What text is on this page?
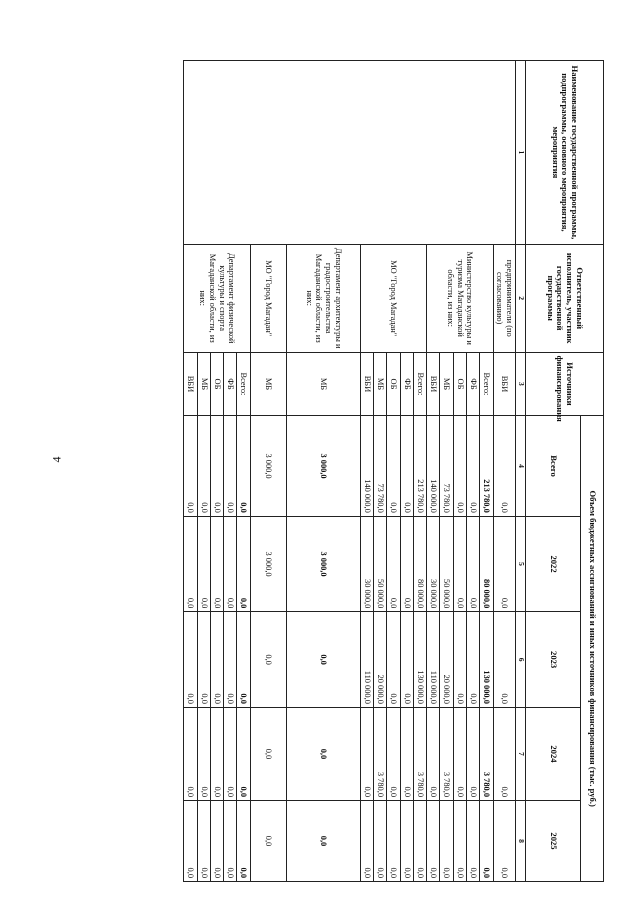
4
Наименование государственной программы, подпрограммы, основного мероприятия, мероприятия	Ответственный исполнитель, участник государственной программы	Источники финансирования	Объем бюджетных ассигнований и иных источников финансирования (тыс. руб.)				
			Всего	2022	2023	2024	2025
1	2	3	4	5	6	7	8
	предприниматели (по согласованию)	ВБИ	0,0	0,0	0,0	0,0	0,0
	Министерство культуры и туризма Магаданской области, из них:	Всего:	213 780,0	80 000,0	130 000,0	3 780,0	0,0
		ФБ	0,0	0,0	0,0	0,0	0,0
		ОБ	0,0	0,0	0,0	0,0	0,0
		МБ	73 780,0	50 000,0	20 000,0	3 780,0	0,0
		ВБИ	140 000,0	30 000,0	110 000,0	0,0	0,0
	МО "Город Магадан"	Всего:	213 780,0	80 000,0	130 000,0	3 780,0	0,0
		ФБ	0,0	0,0	0,0	0,0	0,0
		ОБ	0,0	0,0	0,0	0,0	0,0
		МБ	73 780,0	50 000,0	20 000,0	3 780,0	0,0
		ВБИ	140 000,0	30 000,0	110 000,0	0,0	0,0
	Департамент архитектуры и градостроительства Магаданской области, из них:	МБ	3 000,0	3 000,0	0,0	0,0	0,0
	МО "Город Магадан"	МБ	3 000,0	3 000,0	0,0	0,0	0,0
	Департамент физической культуры и спорта Магаданской области, из них:	Всего:	0,0	0,0	0,0	0,0	0,0
		ФБ	0,0	0,0	0,0	0,0	0,0
		ОБ	0,0	0,0	0,0	0,0	0,0
		МБ	0,0	0,0	0,0	0,0	0,0
		ВБИ	0,0	0,0	0,0	0,0	0,0
